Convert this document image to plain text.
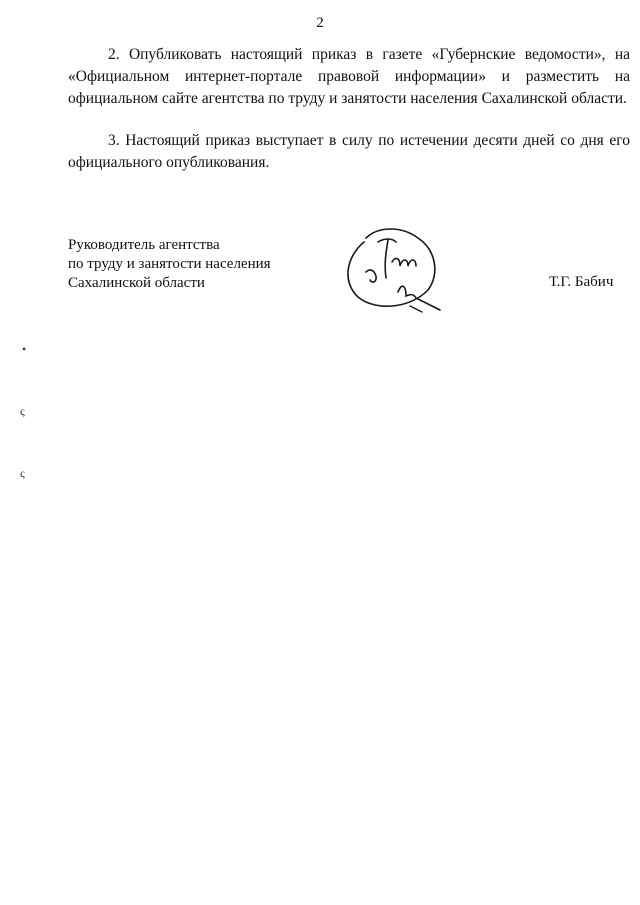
2

2. Опубликовать настоящий приказ в газете «Губернские ведомости», на «Официальном интернет-портале правовой информации» и разместить на официальном сайте агентства по труду и занятости населения Сахалинской области.

3. Настоящий приказ выступает в силу по истечении десяти дней со дня его официального опубликования.

Руководитель агентства
по труду и занятости населения
Сахалинской области	Т.Г. Бабич
•
ς
ς
